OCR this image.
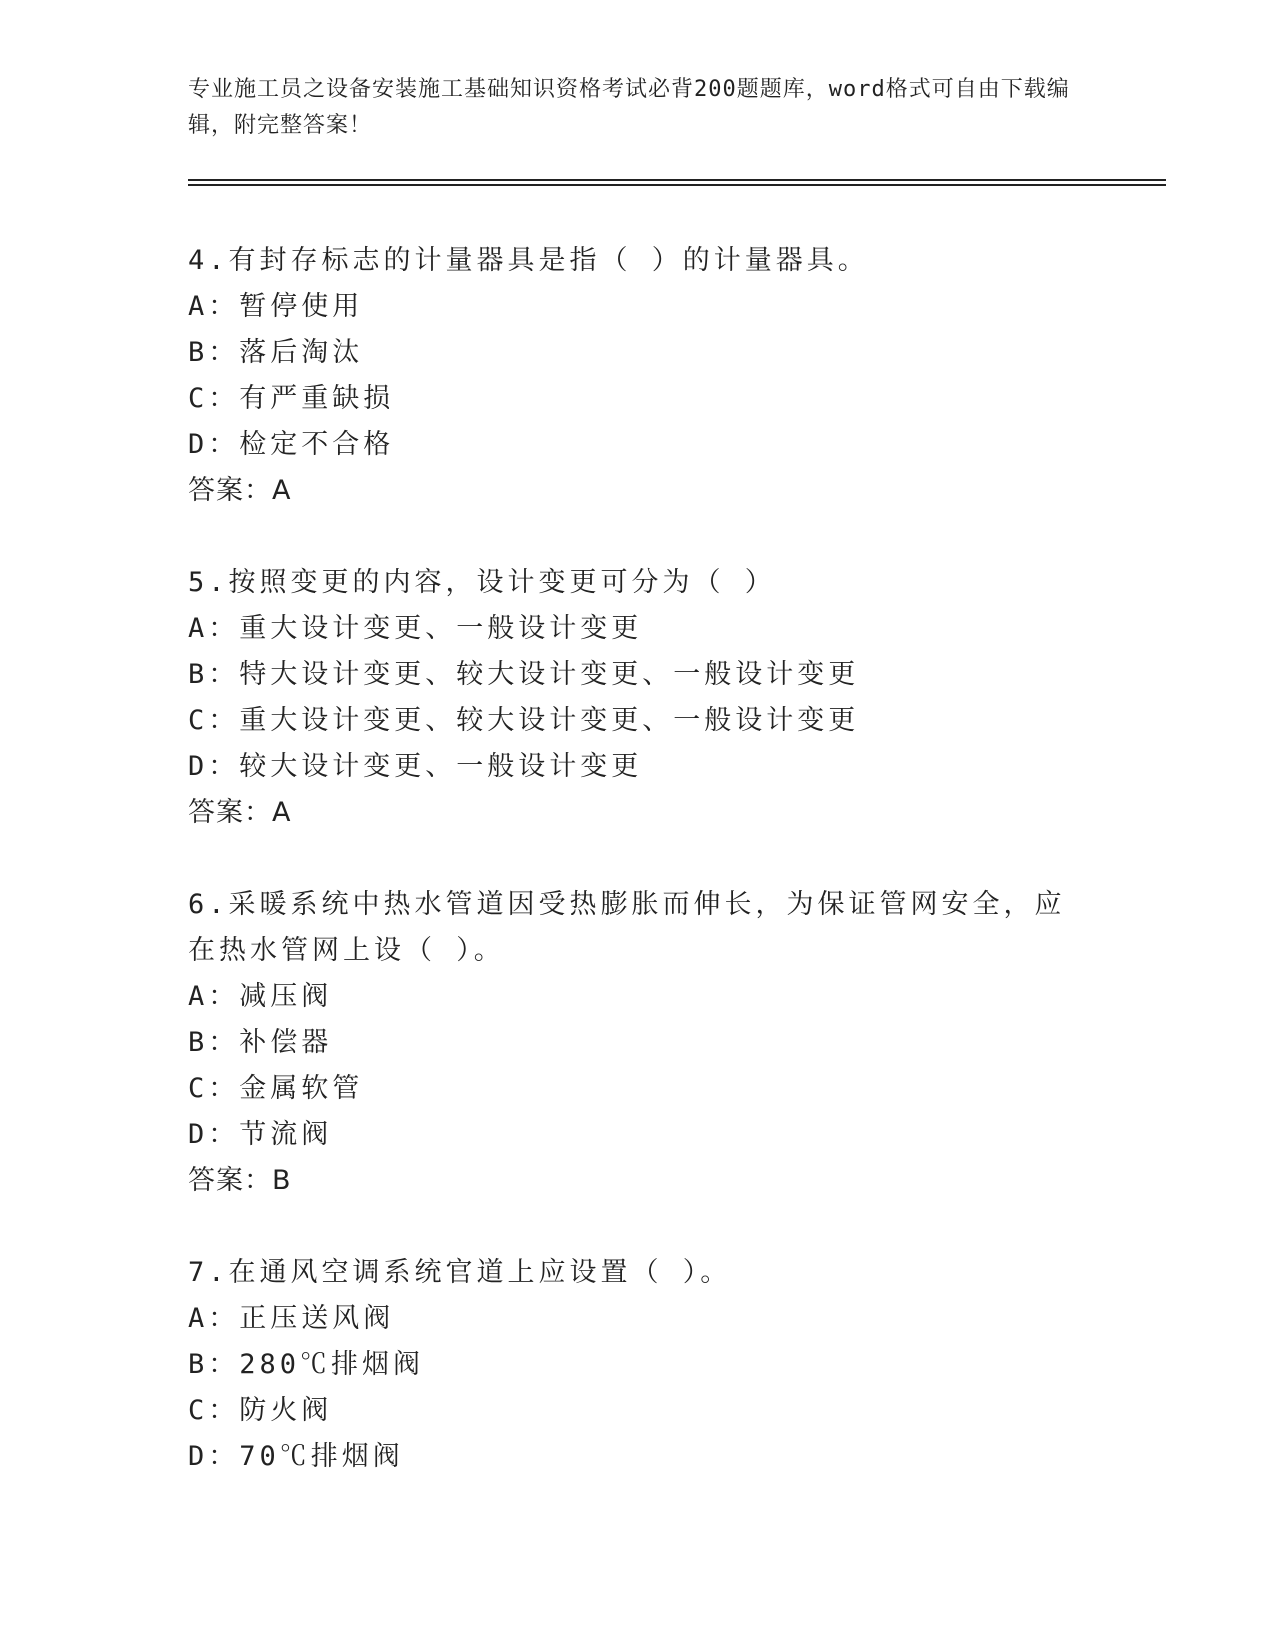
专业施工员之设备安装施工基础知识资格考试必背200题题库，word格式可自由下载编辑，附完整答案！
4.有封存标志的计量器具是指（ ）的计量器具。
A：暂停使用
B：落后淘汰
C：有严重缺损
D：检定不合格
答案：A
5.按照变更的内容，设计变更可分为（ ）
A：重大设计变更、一般设计变更
B：特大设计变更、较大设计变更、一般设计变更
C：重大设计变更、较大设计变更、一般设计变更
D：较大设计变更、一般设计变更
答案：A
6.采暖系统中热水管道因受热膨胀而伸长，为保证管网安全，应在热水管网上设（ ）。
A：减压阀
B：补偿器
C：金属软管
D：节流阀
答案：B
7.在通风空调系统官道上应设置（ ）。
A：正压送风阀
B：280℃排烟阀
C：防火阀
D：70℃排烟阀
